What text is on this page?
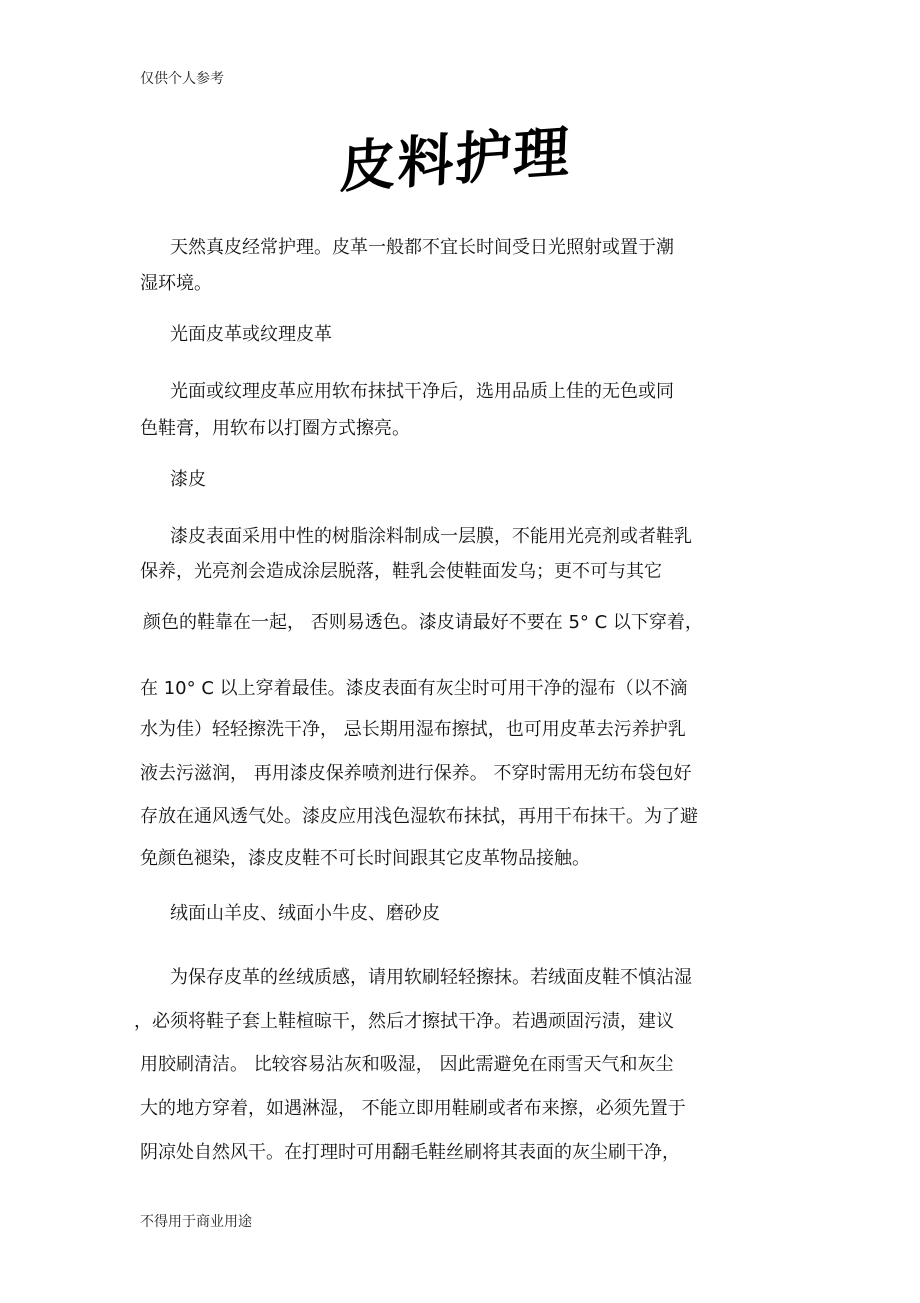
仅供个人参考
皮料护理
天然真皮经常护理。皮革一般都不宜长时间受日光照射或置于潮
湿环境。
光面皮革或纹理皮革
光面或纹理皮革应用软布抹拭干净后，选用品质上佳的无色或同
色鞋膏，用软布以打圈方式擦亮。
漆皮
漆皮表面采用中性的树脂涂料制成一层膜，不能用光亮剂或者鞋乳
保养，光亮剂会造成涂层脱落，鞋乳会使鞋面发乌；更不可与其它
颜色的鞋靠在一起， 否则易透色。漆皮请最好不要在 5° C 以下穿着，
在 10° C 以上穿着最佳。漆皮表面有灰尘时可用干净的湿布（以不滴
水为佳）轻轻擦洗干净， 忌长期用湿布擦拭，也可用皮革去污养护乳
液去污滋润， 再用漆皮保养喷剂进行保养。 不穿时需用无纺布袋包好
存放在通风透气处。漆皮应用浅色湿软布抹拭，再用干布抹干。为了避
免颜色褪染，漆皮皮鞋不可长时间跟其它皮革物品接触。
绒面山羊皮、绒面小牛皮、磨砂皮
为保存皮革的丝绒质感，请用软刷轻轻擦抹。若绒面皮鞋不慎沾湿
，必须将鞋子套上鞋楦晾干，然后才擦拭干净。若遇顽固污渍，建议
用胶刷清洁。 比较容易沾灰和吸湿， 因此需避免在雨雪天气和灰尘
大的地方穿着，如遇淋湿， 不能立即用鞋刷或者布来擦，必须先置于
阴凉处自然风干。在打理时可用翻毛鞋丝刷将其表面的灰尘刷干净，
不得用于商业用途
